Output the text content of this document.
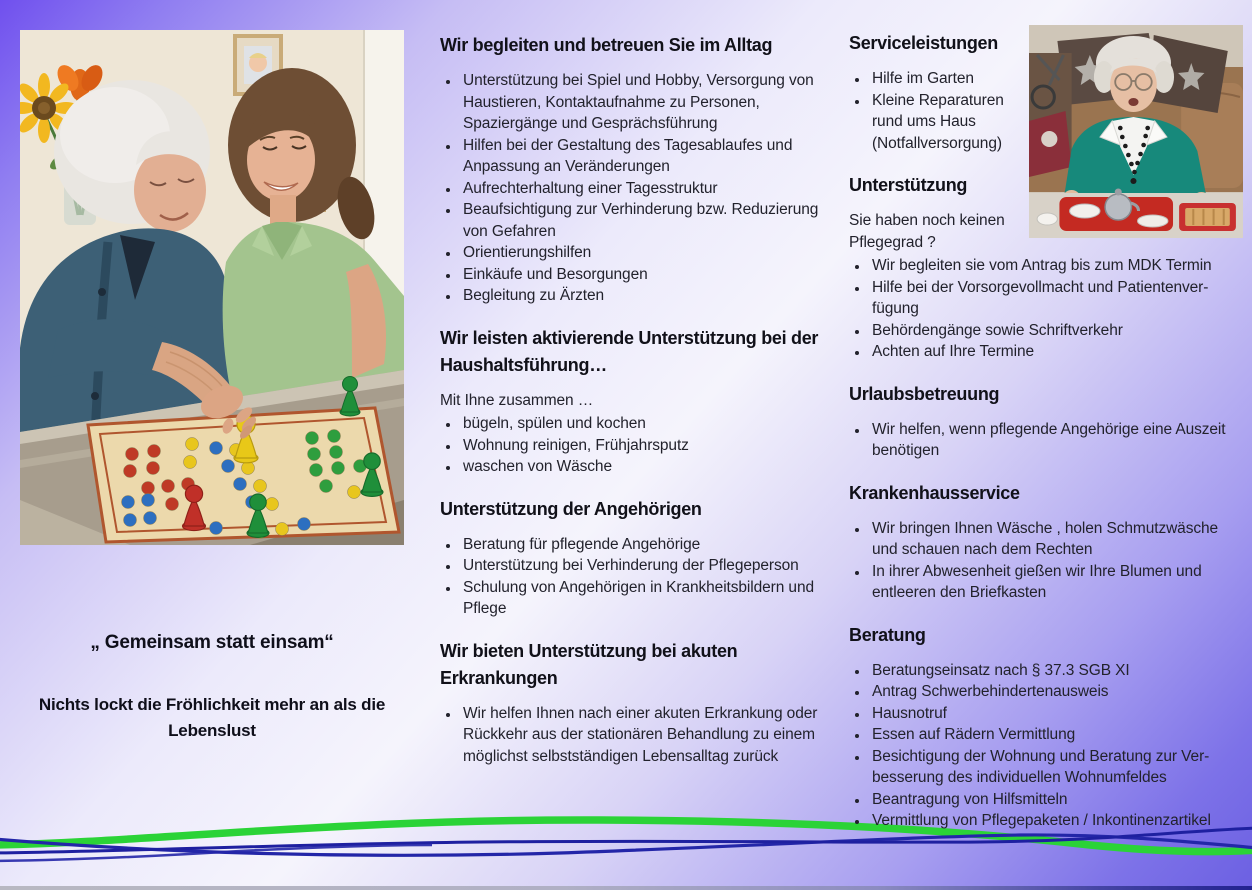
„ Gemeinsam statt einsam“
Nichts lockt die Fröhlichkeit mehr an als die Lebenslust
Wir begleiten und betreuen Sie im Alltag
• Unterstützung bei Spiel und Hobby, Versorgung von Haustieren, Kontaktaufnahme zu Personen, Spaziergänge und Gesprächsführung
• Hilfen bei der Gestaltung des Tagesablaufes und Anpassung an Veränderungen
• Aufrechterhaltung einer Tagesstruktur
• Beaufsichtigung zur Verhinderung bzw. Reduzierung von Gefahren
• Orientierungshilfen
• Einkäufe und Besorgungen
• Begleitung zu Ärzten
Wir leisten aktivierende Unterstützung bei der Haushaltsführung…

Mit Ihne zusammen …

• bügeln, spülen und kochen
• Wohnung reinigen, Frühjahrsputz
• waschen von Wäsche
Unterstützung der Angehörigen
• Beratung für pflegende Angehörige
• Unterstützung bei Verhinderung der Pflegeperson
• Schulung von Angehörigen in Krankheitsbildern und Pflege
Wir bieten Unterstützung bei akuten Erkrankungen
• Wir helfen Ihnen nach einer akuten Erkrankung oder Rückkehr aus der stationären Behandlung zu einem möglichst selbstständigen Lebensalltag zurück
Serviceleistungen
• Hilfe im Garten
• Kleine Reparaturen rund ums Haus (Notfallversorgung)
Unterstützung

Sie haben noch keinen Pflegegrad ?

• Wir begleiten sie vom Antrag bis zum MDK Termin
• Hilfe bei der Vorsorgevollmacht und Patientenverfügung
• Behördengänge sowie Schriftverkehr
• Achten auf Ihre Termine
Urlaubsbetreuung
• Wir helfen, wenn pflegende Angehörige eine Auszeit benötigen
Krankenhausservice
• Wir bringen Ihnen Wäsche , holen Schmutzwäsche und schauen nach dem Rechten
• In ihrer Abwesenheit gießen wir Ihre Blumen und entleeren den Briefkasten
Beratung
• Beratungseinsatz nach § 37.3 SGB XI
• Antrag Schwerbehindertenausweis
• Hausnotruf
• Essen auf Rädern Vermittlung
• Besichtigung der Wohnung und Beratung zur Verbesserung des individuellen Wohnumfeldes
• Beantragung von Hilfsmitteln
• Vermittlung von Pflegepaketen / Inkontinenzartikel
